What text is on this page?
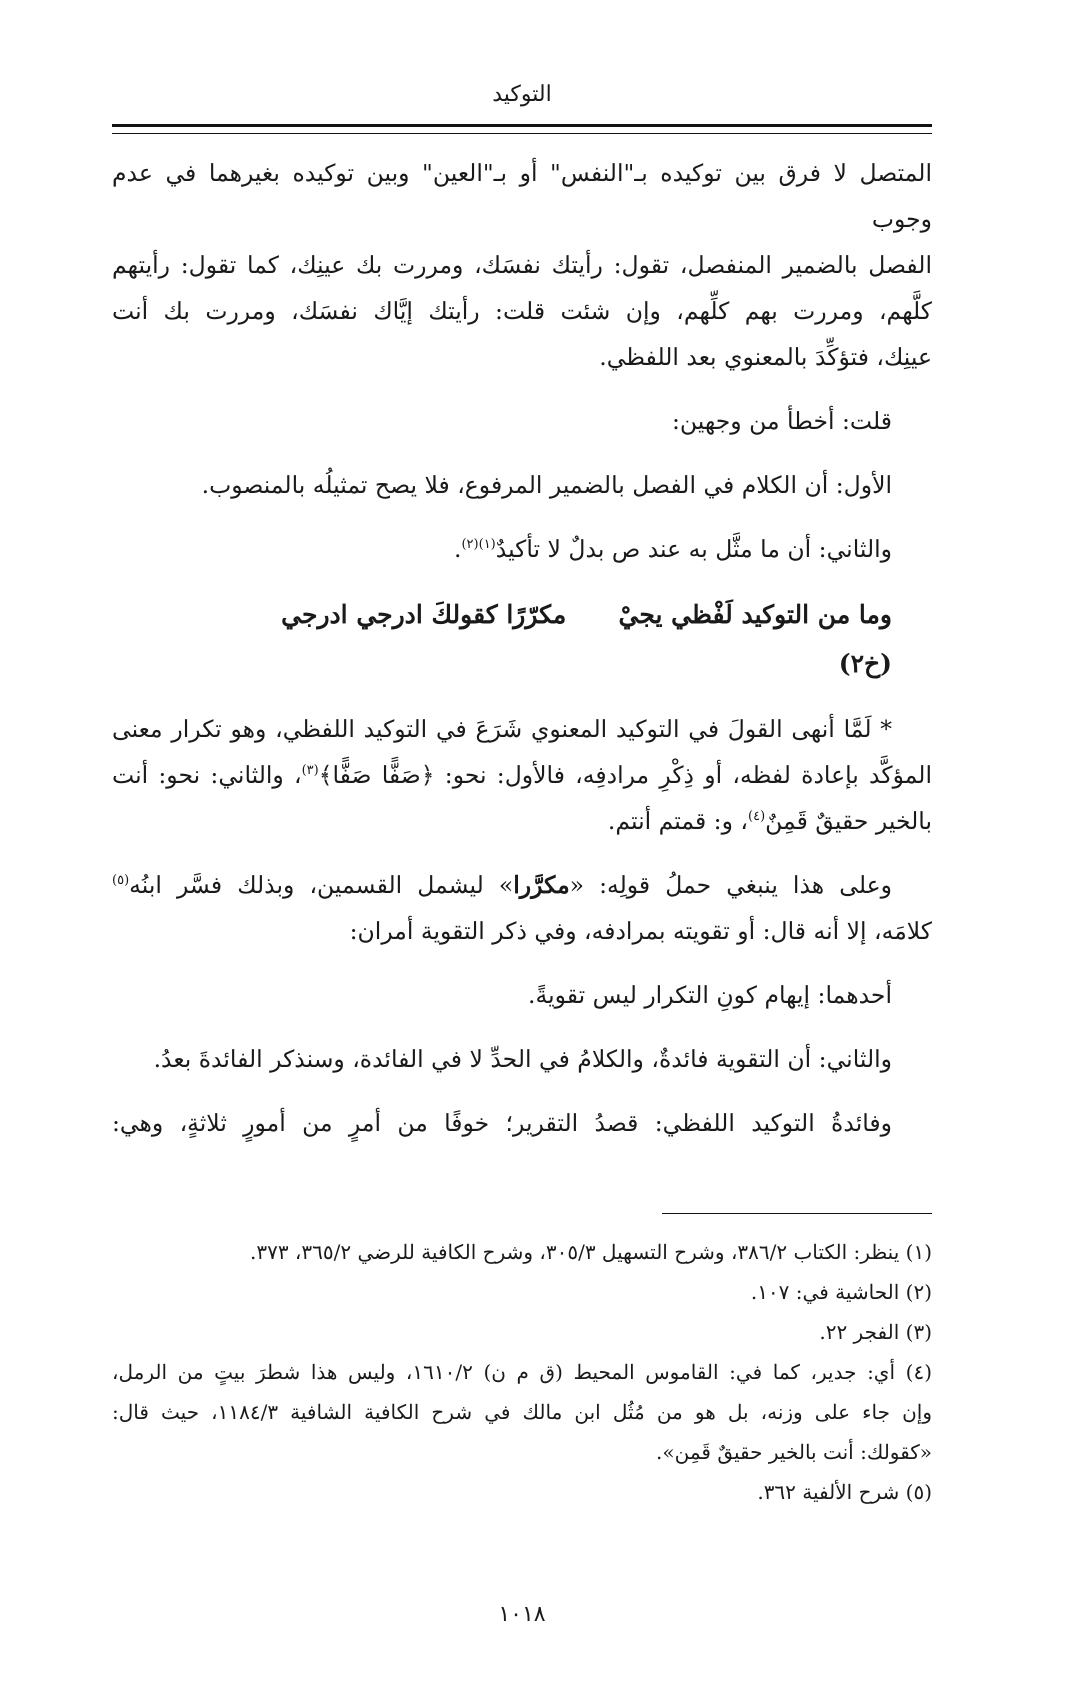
التوكيد

المتصل لا فرق بين توكيده بـ"النفس" أو بـ"العين" وبين توكيده بغيرهما في عدم وجوب

الفصل بالضمير المنفصل، تقول: رأيتك نفسَك، ومررت بك عينِك، كما تقول: رأيتهم

كلَّهم، ومررت بهم كلِّهم، وإن شئت قلت: رأيتك إيَّاك نفسَك، ومررت بك أنت

عينِك، فتؤكِّدَ بالمعنوي بعد اللفظي.

قلت: أخطأ من وجهين:

الأول: أن الكلام في الفصل بالضمير المرفوع، فلا يصح تمثيلُه بالمنصوب.

والثاني: أن ما مثَّل به عند ص بدلٌ لا تأكيدٌ$^{(١)(٢)}$.

وما من التوكيد لَفْظي يجيْ      مكرّرًا كقولكَ ادرجي ادرجي

(خ٢)

* لَمَّا أنهى القولَ في التوكيد المعنوي شَرَعَ في التوكيد اللفظي، وهو تكرار معنى

المؤكَّد بإعادة لفظه، أو ذِكْرِ مرادفِه، فالأول: نحو: ﴿صَفًّا صَفًّا﴾$^{(٣)}$، والثاني: نحو: أنت

بالخير حقيقٌ قَمِنٌ$^{(٤)}$، و: قمتم أنتم.

وعلى هذا ينبغي حملُ قولِه: «مكرَّرا» ليشمل القسمين، وبذلك فسَّر ابنُه$^{(٥)}$

كلامَه، إلا أنه قال: أو تقويته بمرادفه، وفي ذكر التقوية أمران:

أحدهما: إيهام كونِ التكرار ليس تقويةً.

والثاني: أن التقوية فائدةٌ، والكلامُ في الحدِّ لا في الفائدة، وسنذكر الفائدةَ بعدُ.

وفائدةُ التوكيد اللفظي: قصدُ التقرير؛ خوفًا من أمرٍ من أمورٍ ثلاثةٍ، وهي:

(١) ينظر: الكتاب ٣٨٦/٢، وشرح التسهيل ٣٠٥/٣، وشرح الكافية للرضي ٣٦٥/٢، ٣٧٣.

(٢) الحاشية في: ١٠٧.

(٣) الفجر ٢٢.

(٤) أي: جدير، كما في: القاموس المحيط (ق م ن) ١٦١٠/٢، وليس هذا شطرَ بيتٍ من الرمل،

وإن جاء على وزنه، بل هو من مُثُل ابن مالك في شرح الكافية الشافية ١١٨٤/٣، حيث قال:

«كقولك: أنت بالخير حقيقٌ قَمِن».

(٥) شرح الألفية ٣٦٢.

١٠١٨
